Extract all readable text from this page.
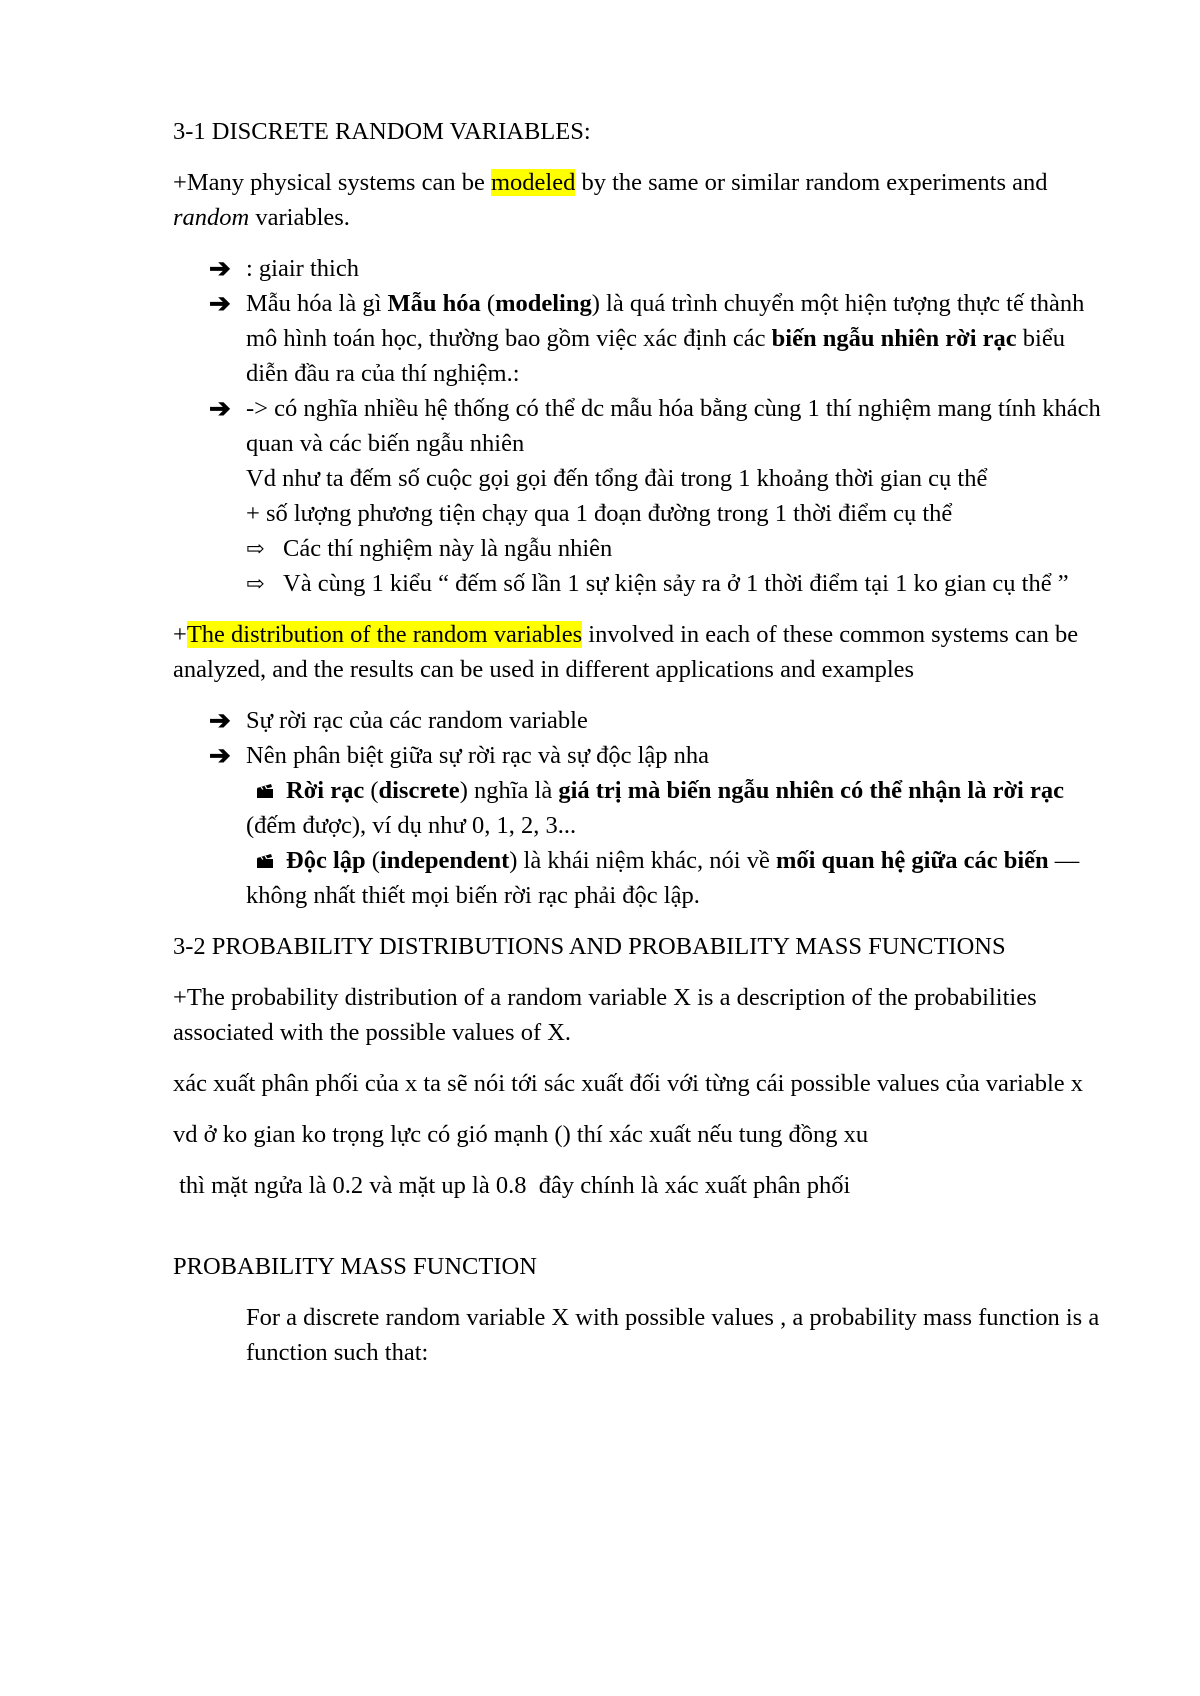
3-1 DISCRETE RANDOM VARIABLES:

+Many physical systems can be modeled by the same or similar random experiments and random variables.

➔ : giair thich
➔ Mẫu hóa là gì Mẫu hóa (modeling) là quá trình chuyển một hiện tượng thực tế thành mô hình toán học, thường bao gồm việc xác định các biến ngẫu nhiên rời rạc biểu diễn đầu ra của thí nghiệm.:
➔ -> có nghĩa nhiều hệ thống có thể dc mẫu hóa bằng cùng 1 thí nghiệm mang tính khách quan và các biến ngẫu nhiên
Vd như ta đếm số cuộc gọi gọi đến tổng đài trong 1 khoảng thời gian cụ thể
+ số lượng phương tiện chạy qua 1 đoạn đường trong 1 thời điểm cụ thể
⇨ Các thí nghiệm này là ngẫu nhiên
⇨ Và cùng 1 kiểu “ đếm số lần 1 sự kiện sảy ra ở 1 thời điểm tại 1 ko gian cụ thể ”

+The distribution of the random variables involved in each of these common systems can be analyzed, and the results can be used in different applications and examples

➔ Sự rời rạc của các random variable
➔ Nên phân biệt giữa sự rời rạc và sự độc lập nha
Rời rạc (discrete) nghĩa là giá trị mà biến ngẫu nhiên có thể nhận là rời rạc (đếm được), ví dụ như 0, 1, 2, 3...
Độc lập (independent) là khái niệm khác, nói về mối quan hệ giữa các biến — không nhất thiết mọi biến rời rạc phải độc lập.

3-2 PROBABILITY DISTRIBUTIONS AND PROBABILITY MASS FUNCTIONS

+The probability distribution of a random variable X is a description of the probabilities associated with the possible values of X.

xác xuất phân phối của x ta sẽ nói tới sác xuất đối với từng cái possible values của variable x

vd ở ko gian ko trọng lực có gió mạnh () thí xác xuất nếu tung đồng xu

thì mặt ngửa là 0.2 và mặt up là 0.8  đây chính là xác xuất phân phối

PROBABILITY MASS FUNCTION

For a discrete random variable X with possible values , a probability mass function is a function such that:
